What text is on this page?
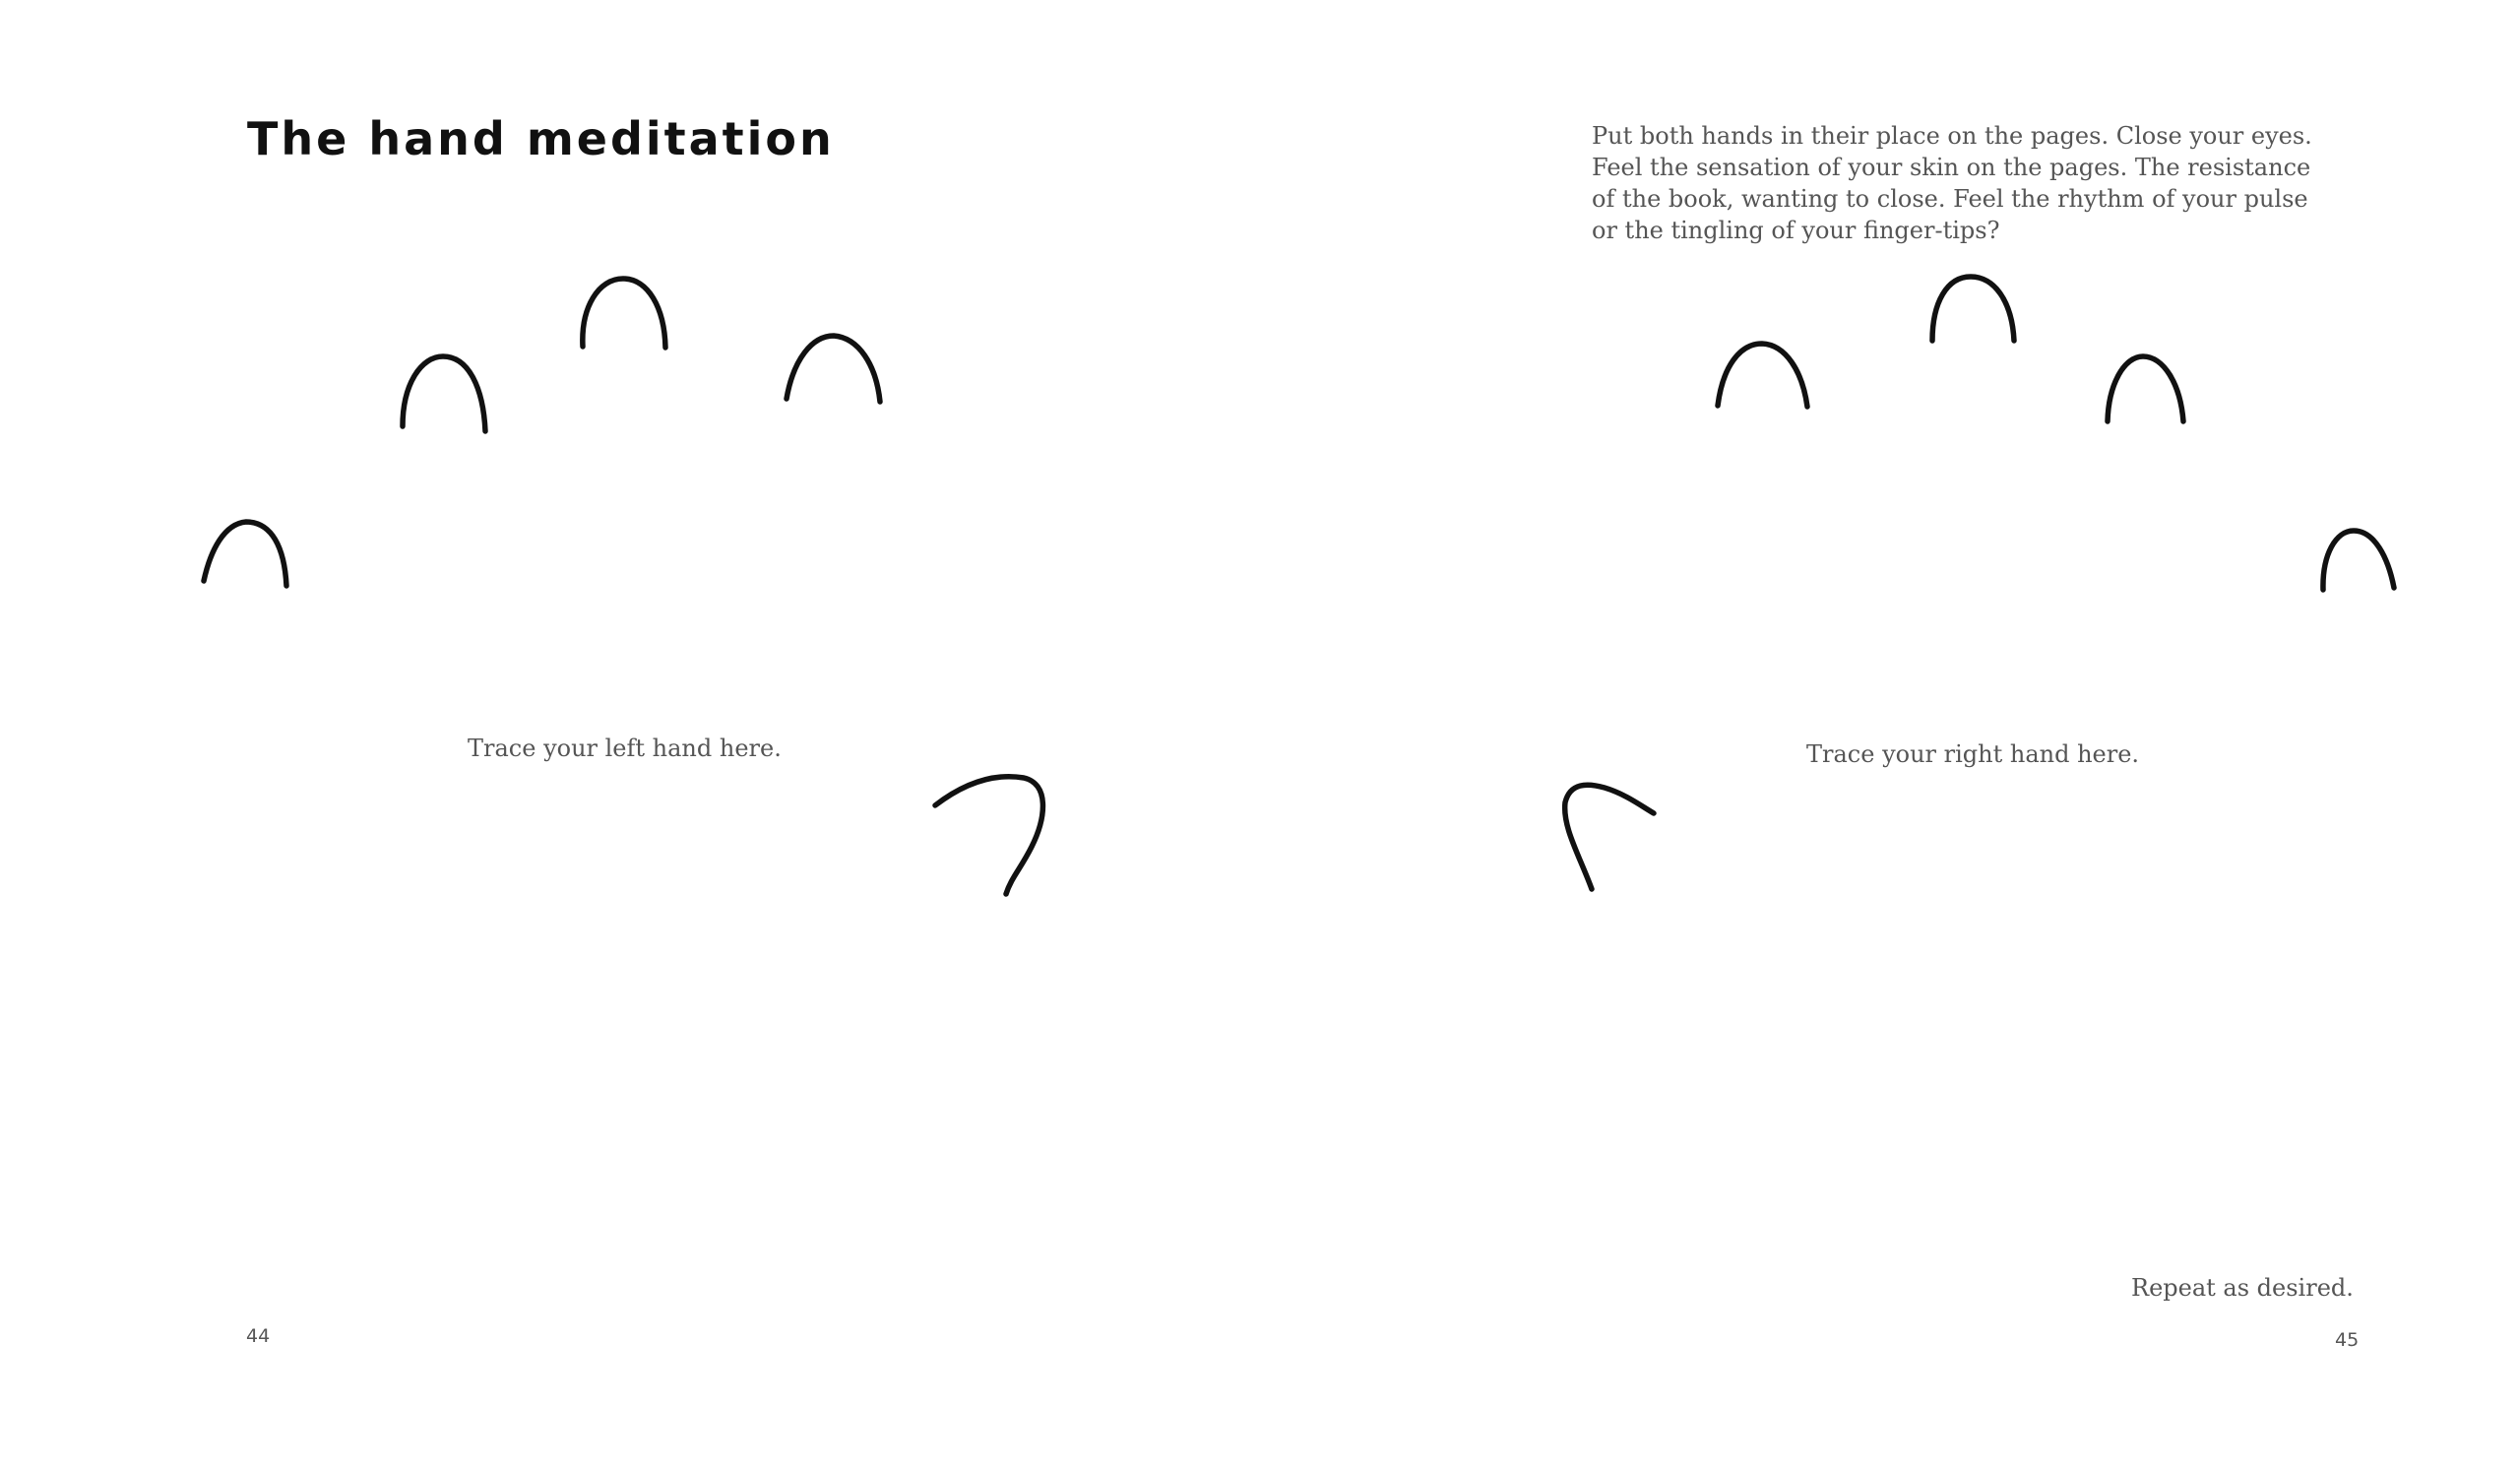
The hand meditation

Trace your left hand here.

44

Put both hands in their place on the pages. Close your eyes.
Feel the sensation of your skin on the pages. The resistance
of the book, wanting to close. Feel the rhythm of your pulse
or the tingling of your finger-tips?

Trace your right hand here.

Repeat as desired.

45
